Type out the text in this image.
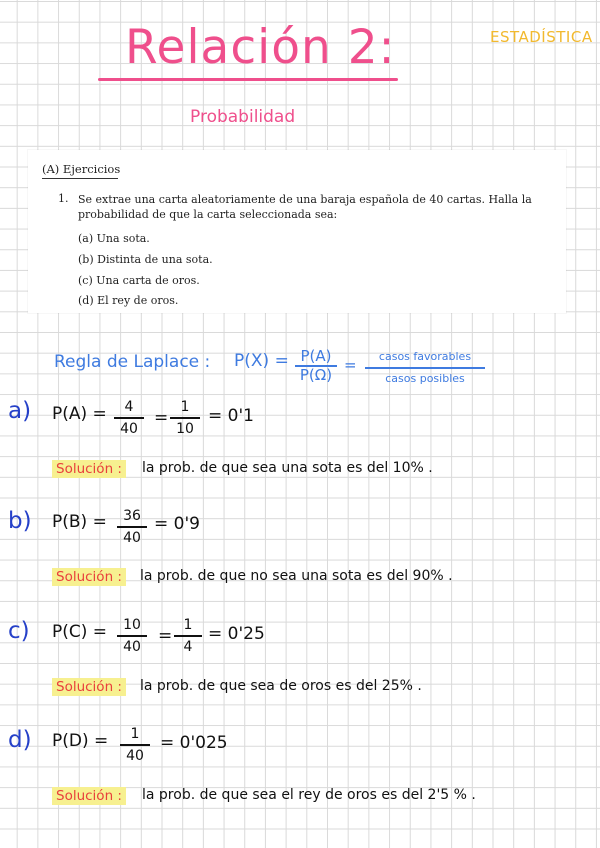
Relación 2:	ESTADÍSTICA
Probabilidad
(A) Ejercicios
1. Se extrae una carta aleatoriamente de una baraja española de 40 cartas. Halla la probabilidad de que la carta seleccionada sea:
(a) Una sota.
(b) Distinta de una sota.
(c) Una carta de oros.
(d) El rey de oros.
Regla de Laplace : P(X) = P(A)
P(Ω)
=	casos favorables
casos posibles
a) P(A) =	4
40
=
1
10
= 0'1
Solución : la prob. de que sea una sota es del 10% .
b) P(B) =	36
40
= 0'9
Solución : la prob. de que no sea una sota es del 90% .
c) P(C) =	10
40
=
1
4
= 0'25
Solución : la prob. de que sea de oros es del 25% .
d) P(D) =	1
40
= 0'025
Solución : la prob. de que sea el rey de oros es del 2'5 % .
